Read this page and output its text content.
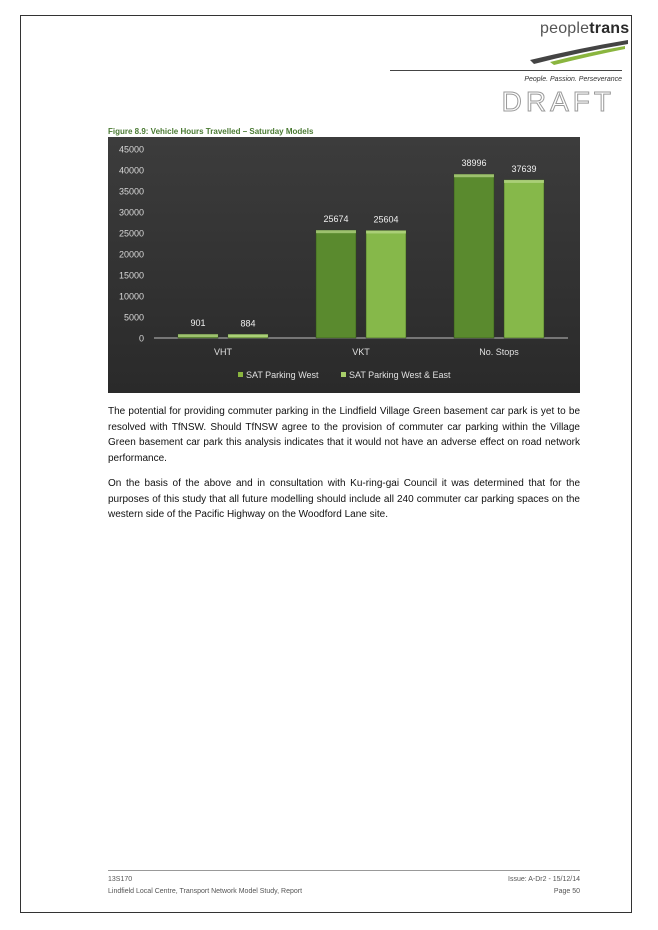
peopletrans
People. Passion. Perseverance
DRAFT
Figure 8.9: Vehicle Hours Travelled – Saturday Models
0
5000
10000
15000
20000
25000
30000
35000
40000
45000
901	884
25674	25604
38996
37639
VHT	VKT	No. Stops
SAT Parking West	SAT Parking West & East

The potential for providing commuter parking in the Lindfield Village Green basement car park is yet to be resolved with TfNSW. Should TfNSW agree to the provision of commuter car parking within the Village Green basement car park this analysis indicates that it would not have an adverse effect on road network performance.

On the basis of the above and in consultation with Ku-ring-gai Council it was determined that for the purposes of this study that all future modelling should include all 240 commuter car parking spaces on the western side of the Pacific Highway on the Woodford Lane site.

13S170
Lindfield Local Centre, Transport Network Model Study, Report
Issue: A-Dr2 - 15/12/14
Page 50
